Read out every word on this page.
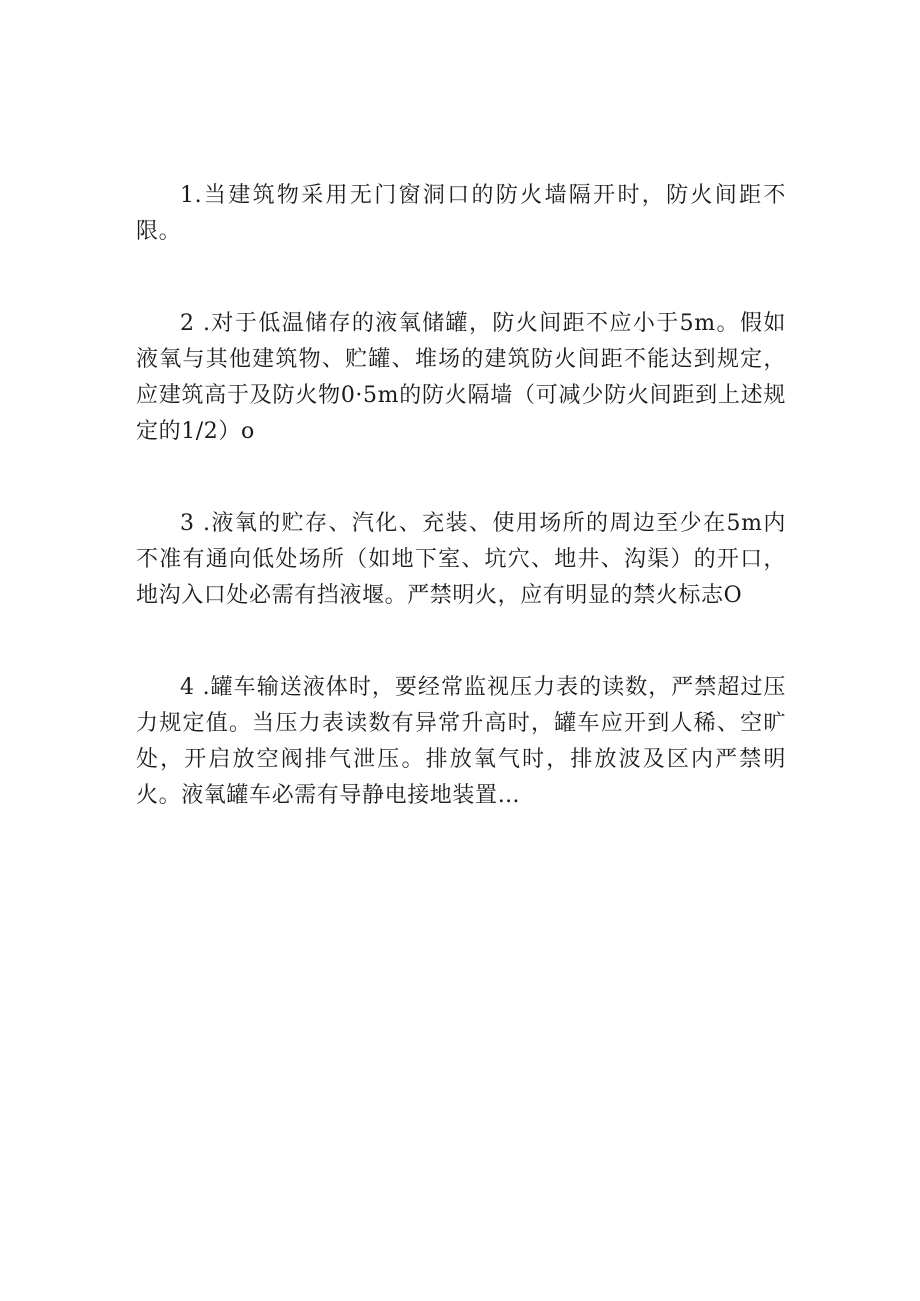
1.当建筑物采用无门窗洞口的防火墙隔开时，防火间距不限。

2 .对于低温储存的液氧储罐，防火间距不应小于5m。假如液氧与其他建筑物、贮罐、堆场的建筑防火间距不能达到规定，应建筑高于及防火物0·5m的防火隔墙（可减少防火间距到上述规定的1/2）o

3 .液氧的贮存、汽化、充装、使用场所的周边至少在5m内不准有通向低处场所（如地下室、坑穴、地井、沟渠）的开口，地沟入口处必需有挡液堰。严禁明火，应有明显的禁火标志O

4 .罐车输送液体时，要经常监视压力表的读数，严禁超过压力规定值。当压力表读数有异常升高时，罐车应开到人稀、空旷处，开启放空阀排气泄压。排放氧气时，排放波及区内严禁明火。液氧罐车必需有导静电接地装置…
